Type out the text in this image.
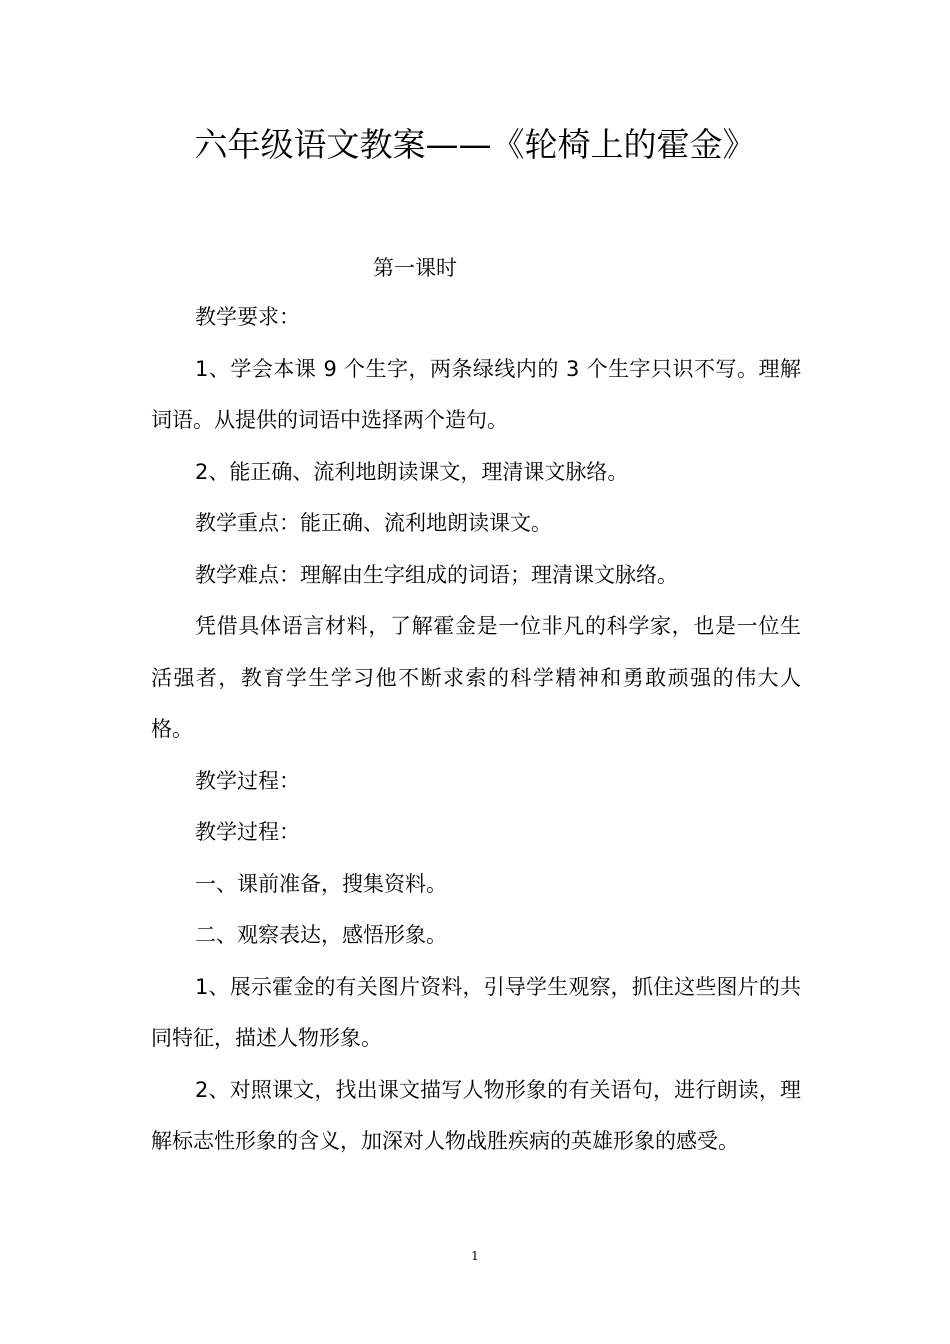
六年级语文教案——《轮椅上的霍金》
第一课时

教学要求：

1、学会本课 9 个生字，两条绿线内的 3 个生字只识不写。理解词语。从提供的词语中选择两个造句。

2、能正确、流利地朗读课文，理清课文脉络。

教学重点：能正确、流利地朗读课文。

教学难点：理解由生字组成的词语；理清课文脉络。

凭借具体语言材料，了解霍金是一位非凡的科学家，也是一位生活强者，教育学生学习他不断求索的科学精神和勇敢顽强的伟大人格。

教学过程：

教学过程：

一、课前准备，搜集资料。

二、观察表达，感悟形象。

1、展示霍金的有关图片资料，引导学生观察，抓住这些图片的共同特征，描述人物形象。

2、对照课文，找出课文描写人物形象的有关语句，进行朗读，理解标志性形象的含义，加深对人物战胜疾病的英雄形象的感受。

1
